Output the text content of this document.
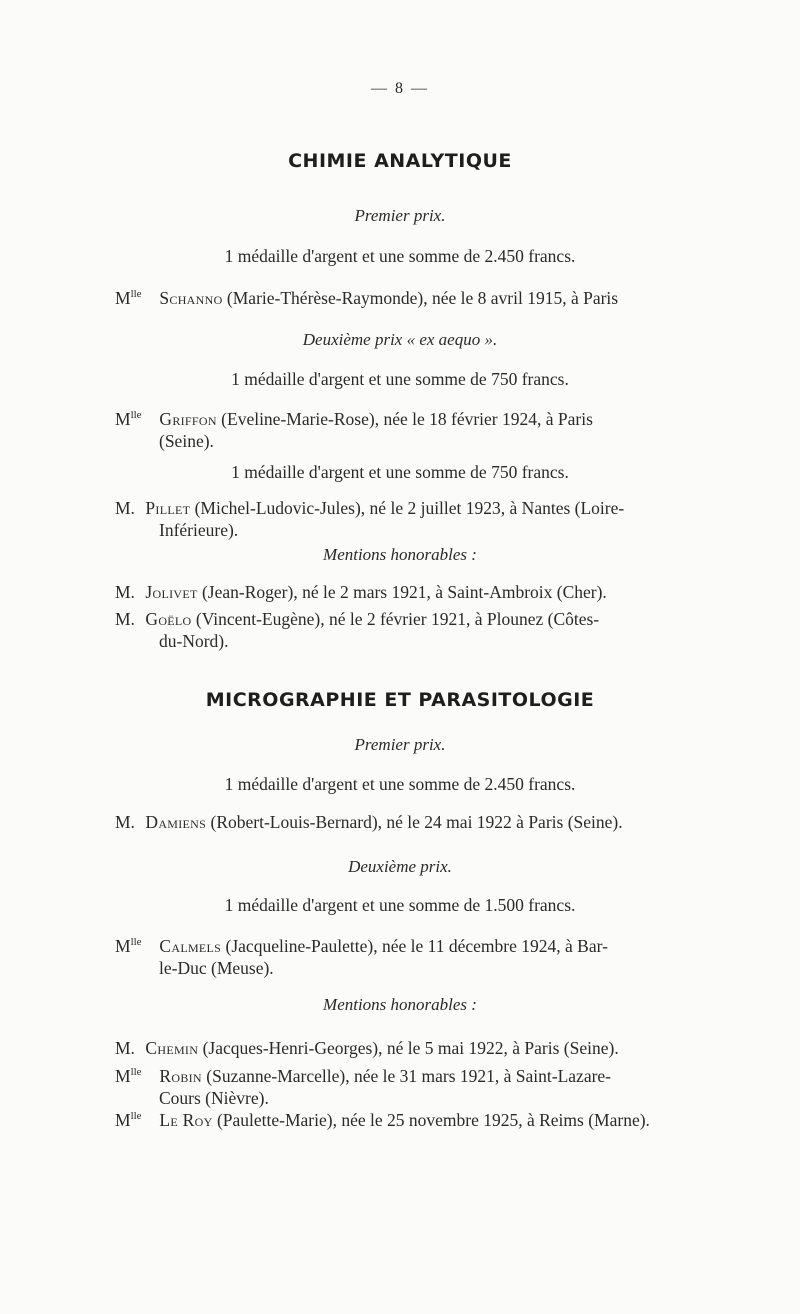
— 8 —
CHIMIE ANALYTIQUE
Premier prix.
1 médaille d'argent et une somme de 2.450 francs.
$M^{lle}$ Schanno (Marie-Thérèse-Raymonde), née le 8 avril 1915, à Paris
Deuxième prix « ex aequo ».
1 médaille d'argent et une somme de 750 francs.
$M^{lle}$ Griffon (Eveline-Marie-Rose), née le 18 février 1924, à Paris
(Seine).
1 médaille d'argent et une somme de 750 francs.
M. Pillet (Michel-Ludovic-Jules), né le 2 juillet 1923, à Nantes (Loire-
Inférieure).
Mentions honorables :
M. Jolivet (Jean-Roger), né le 2 mars 1921, à Saint-Ambroix (Cher).
M. Goëlo (Vincent-Eugène), né le 2 février 1921, à Plounez (Côtes-
du-Nord).
MICROGRAPHIE ET PARASITOLOGIE
Premier prix.
1 médaille d'argent et une somme de 2.450 francs.
M. Damiens (Robert-Louis-Bernard), né le 24 mai 1922 à Paris (Seine).
Deuxième prix.
1 médaille d'argent et une somme de 1.500 francs.
$M^{lle}$ Calmels (Jacqueline-Paulette), née le 11 décembre 1924, à Bar-
le-Duc (Meuse).
Mentions honorables :
M. Chemin (Jacques-Henri-Georges), né le 5 mai 1922, à Paris (Seine).
$M^{lle}$ Robin (Suzanne-Marcelle), née le 31 mars 1921, à Saint-Lazare-
Cours (Nièvre).
$M^{lle}$ Le Roy (Paulette-Marie), née le 25 novembre 1925, à Reims (Marne).
